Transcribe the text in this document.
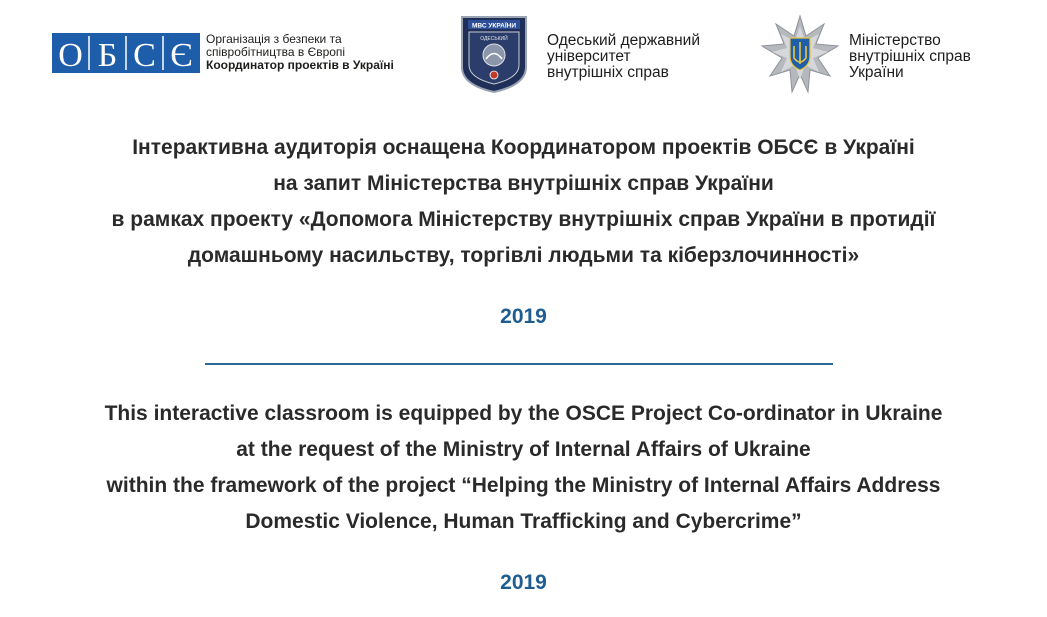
О Б С Є Організація з безпеки та
співробітництва в Європі
Координатор проектів в Україні
МВС УКРАЇНИ
ОДЕСЬКИЙ	Одеський державний
університет
внутрішніх справ
Міністерство
внутрішніх справ
України
Інтерактивна аудиторія оснащена Координатором проектів ОБСЄ в Україні
на запит Міністерства внутрішніх справ України
в рамках проекту «Допомога Міністерству внутрішніх справ України в протидії
домашньому насильству, торгівлі людьми та кіберзлочинності»
2019
This interactive classroom is equipped by the OSCE Project Co-ordinator in Ukraine
at the request of the Ministry of Internal Affairs of Ukraine
within the framework of the project “Helping the Ministry of Internal Affairs Address
Domestic Violence, Human Trafficking and Cybercrime”
2019
